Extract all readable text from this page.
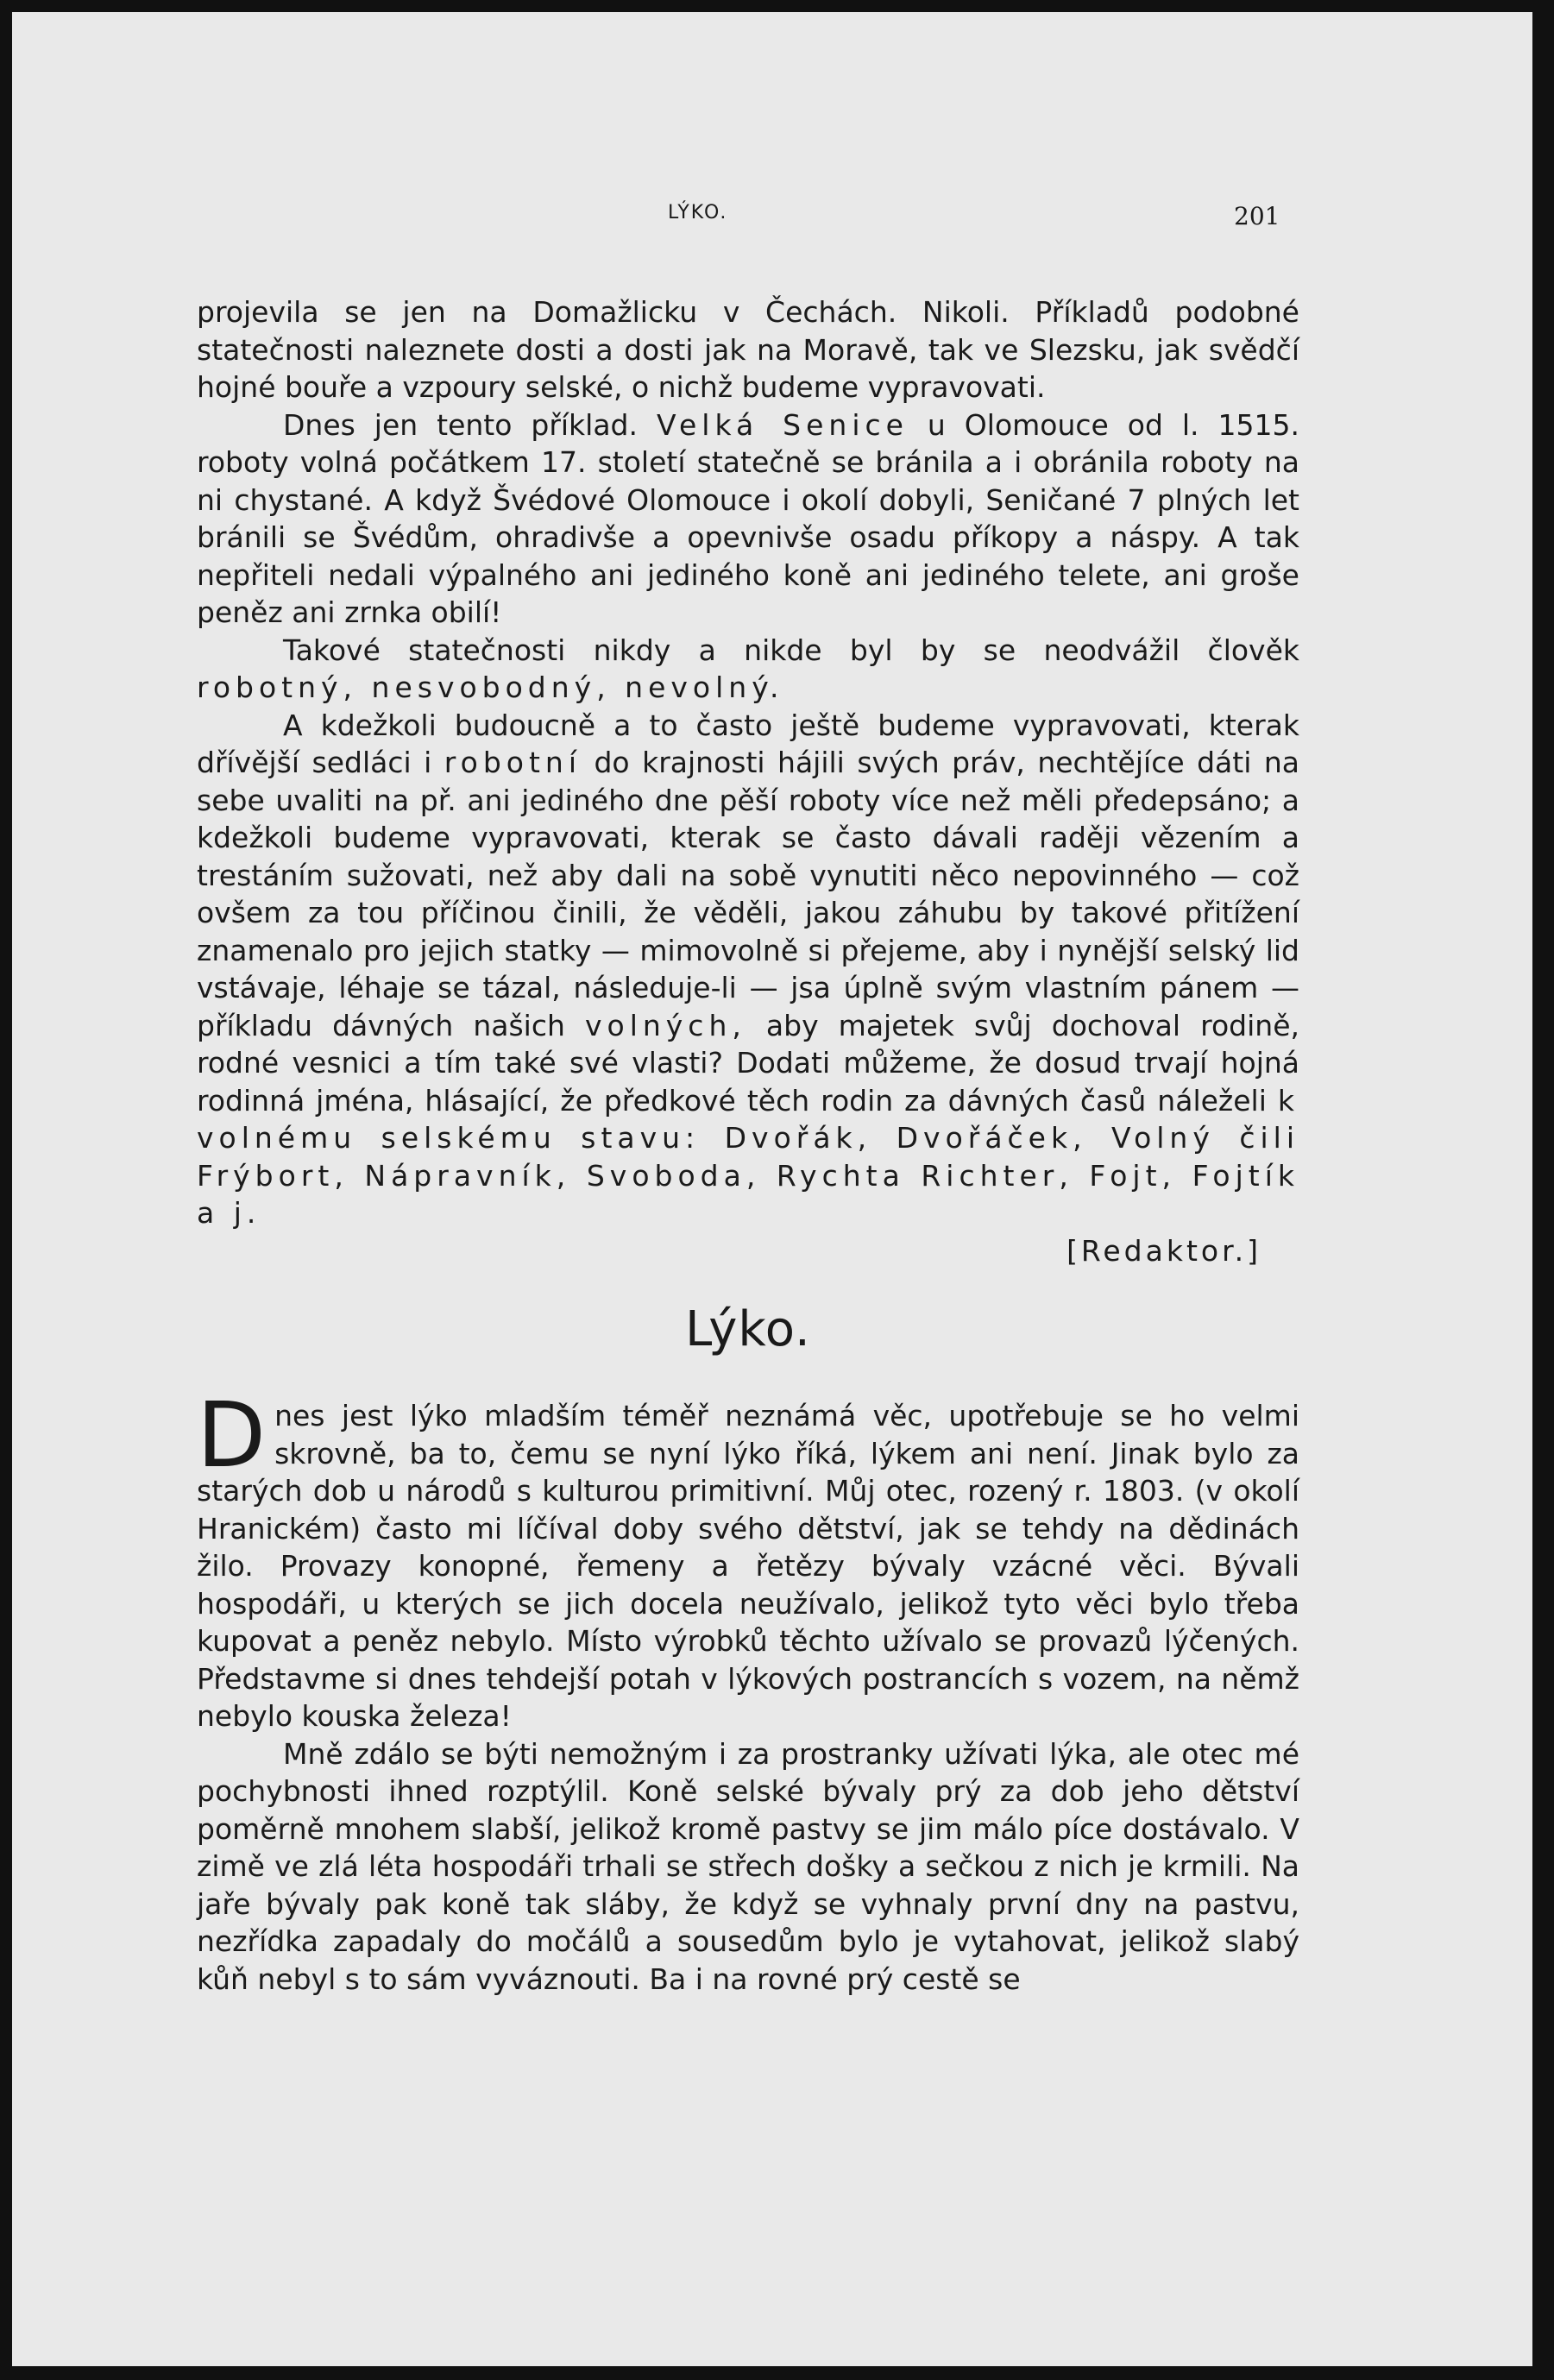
LÝKO.	201

projevila se jen na Domažlicku v Čechách. Nikoli. Příkladů podobné statečnosti naleznete dosti a dosti jak na Moravě, tak ve Slezsku, jak svědčí hojné bouře a vzpoury selské, o nichž budeme vypravovati.

Dnes jen tento příklad. Velká Senice u Olomouce od l. 1515. roboty volná počátkem 17. století statečně se bránila a i obránila roboty na ni chystané. A když Švédové Olomouce i okolí dobyli, Seničané 7 plných let bránili se Švédům, ohradivše a opevnivše osadu příkopy a náspy. A tak nepřiteli nedali výpalného ani jediného koně ani jediného telete, ani groše peněz ani zrnka obilí!

Takové statečnosti nikdy a nikde byl by se neodvážil člověk robotný, nesvobodný, nevolný.

A kdežkoli budoucně a to často ještě budeme vypravovati, kterak dřívější sedláci i robotní do krajnosti hájili svých práv, nechtějíce dáti na sebe uvaliti na př. ani jediného dne pěší roboty více než měli předepsáno; a kdežkoli budeme vypravovati, kterak se často dávali raději vězením a trestáním sužovati, než aby dali na sobě vynutiti něco nepovinného — což ovšem za tou příčinou činili, že věděli, jakou záhubu by takové přitížení znamenalo pro jejich statky — mimovolně si přejeme, aby i nynější selský lid vstávaje, léhaje se tázal, následuje-li — jsa úplně svým vlastním pánem — příkladu dávných našich volných, aby majetek svůj dochoval rodině, rodné vesnici a tím také své vlasti? Dodati můžeme, že dosud trvají hojná rodinná jména, hlásající, že předkové těch rodin za dávných časů náleželi k volnému selskému stavu: Dvořák, Dvořáček, Volný čili Frýbort, Nápravník, Svoboda, Rychta Richter, Fojt, Fojtík a j.

[Redaktor.]

Lýko.

Dnes jest lýko mladším téměř neznámá věc, upotřebuje se ho velmi skrovně, ba to, čemu se nyní lýko říká, lýkem ani není. Jinak bylo za starých dob u národů s kulturou primitivní. Můj otec, rozený r. 1803. (v okolí Hranickém) často mi líčíval doby svého dětství, jak se tehdy na dědinách žilo. Provazy konopné, řemeny a řetězy bývaly vzácné věci. Bývali hospodáři, u kterých se jich docela neužívalo, jelikož tyto věci bylo třeba kupovat a peněz nebylo. Místo výrobků těchto užívalo se provazů lýčených. Představme si dnes tehdejší potah v lýkových postrancích s vozem, na němž nebylo kouska železa!

Mně zdálo se býti nemožným i za prostranky užívati lýka, ale otec mé pochybnosti ihned rozptýlil. Koně selské bývaly prý za dob jeho dětství poměrně mnohem slabší, jelikož kromě pastvy se jim málo píce dostávalo. V zimě ve zlá léta hospodáři trhali se střech došky a sečkou z nich je krmili. Na jaře bývaly pak koně tak sláby, že když se vyhnaly první dny na pastvu, nezřídka zapadaly do močálů a sousedům bylo je vytahovat, jelikož slabý kůň nebyl s to sám vyváznouti. Ba i na rovné prý cestě se
